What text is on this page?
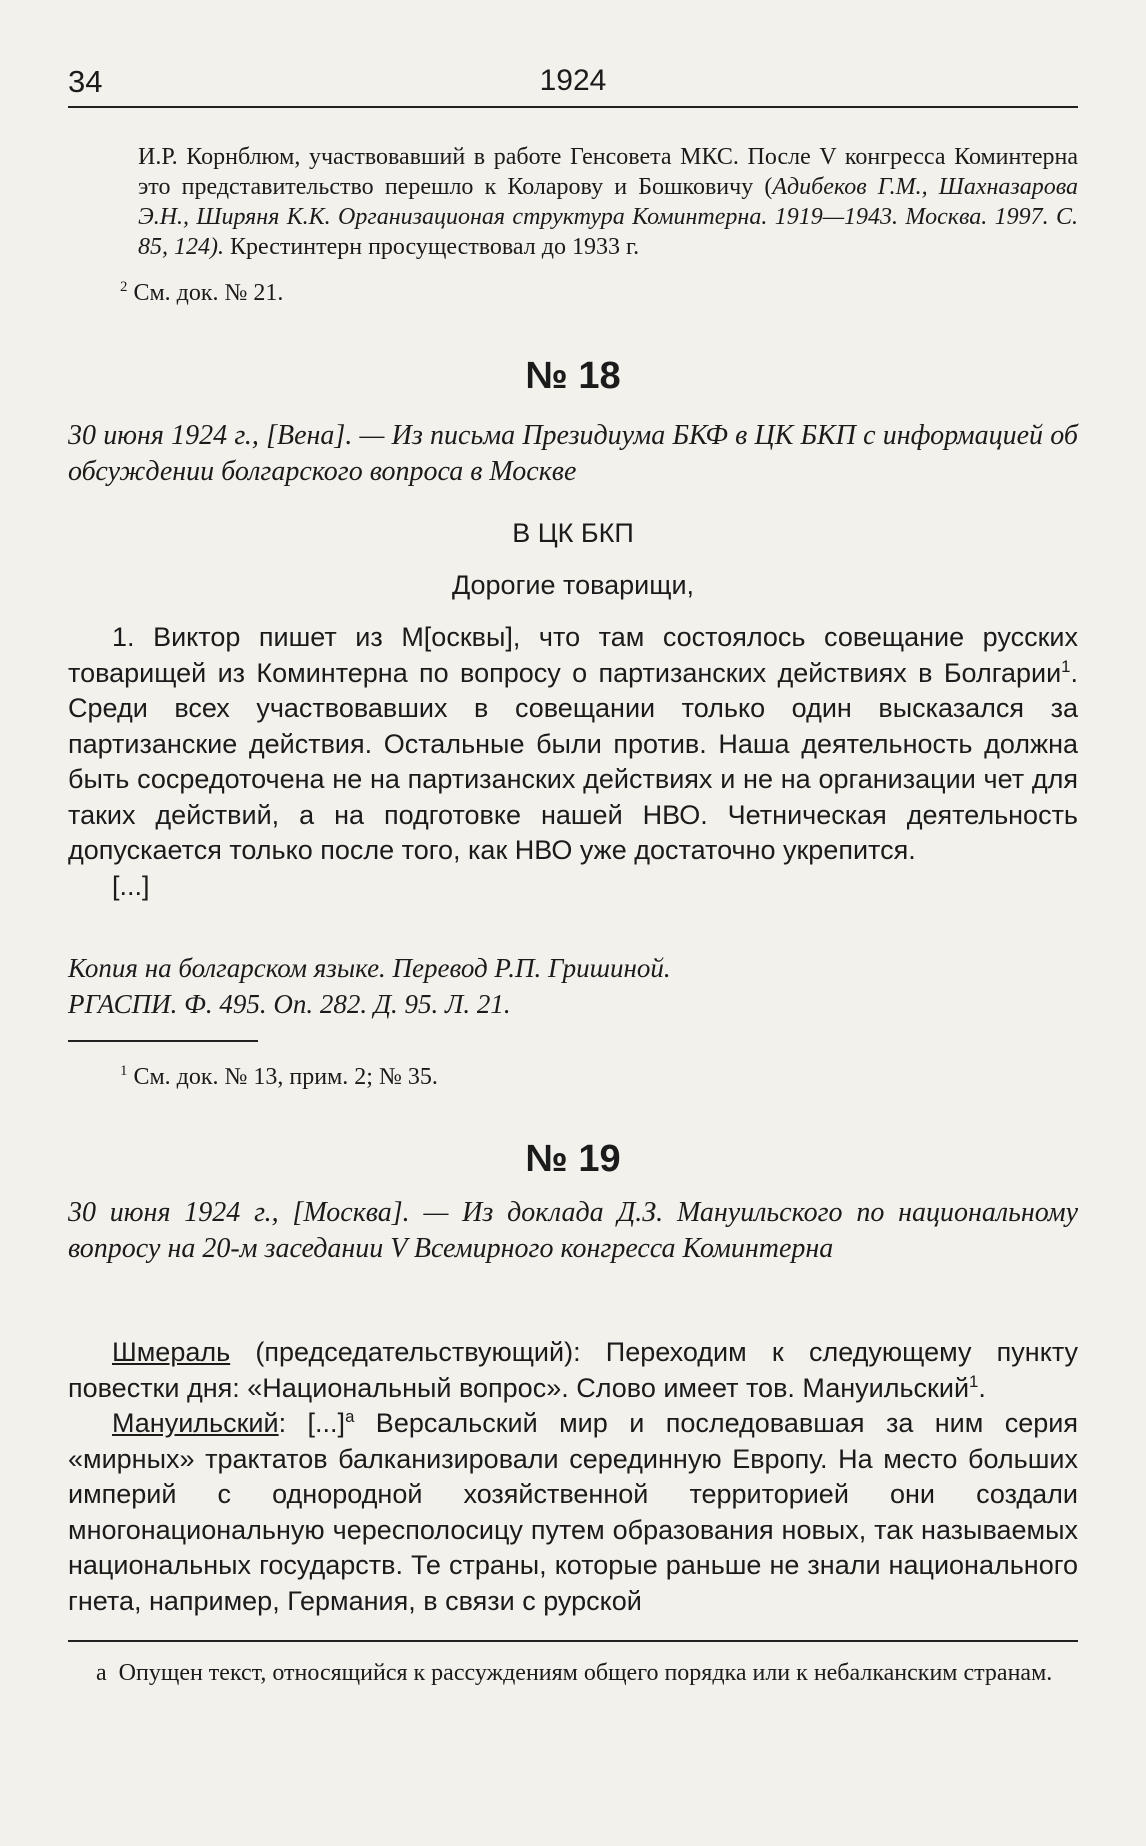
34	1924

И.Р. Корнблюм, участвовавший в работе Генсовета МКС. После V конгресса Коминтерна это представительство перешло к Коларову и Бошковичу (Адибеков Г.М., Шахназарова Э.Н., Ширяня К.К. Организационая структура Коминтерна. 1919—1943. Москва. 1997. С. 85, 124). Крестинтерн просуществовал до 1933 г.

$^2$ См. док. № 21.
№ 18
30 июня 1924 г., [Вена]. — Из письма Президиума БКФ в ЦК БКП с информацией об обсуждении болгарского вопроса в Москве
В ЦК БКП
Дорогие товарищи,

1. Виктор пишет из М[осквы], что там состоялось совещание русских товарищей из Коминтерна по вопросу о партизанских действиях в Болгарии$^1$. Среди всех участвовавших в совещании только один высказался за партизанские действия. Остальные были против. Наша деятельность должна быть сосредоточена не на партизанских действиях и не на организации чет для таких действий, а на подготовке нашей НВО. Четническая деятельность допускается только после того, как НВО уже достаточно укрепится.

[...]

Копия на болгарском языке. Перевод Р.П. Гришиной.
РГАСПИ. Ф. 495. Оп. 282. Д. 95. Л. 21.
$^1$ См. док. № 13, прим. 2; № 35.
№ 19
30 июня 1924 г., [Москва]. — Из доклада Д.З. Мануильского по национальному вопросу на 20-м заседании V Всемирного конгресса Коминтерна

Шмераль (председательствующий): Переходим к следующему пункту повестки дня: «Национальный вопрос». Слово имеет тов. Мануильский$^1$.

Мануильский: [...]$^a$ Версальский мир и последовавшая за ним серия «мирных» трактатов балканизировали серединную Европу. На место больших империй с однородной хозяйственной территорией они создали многонациональную чересполосицу путем образования новых, так называемых национальных государств. Те страны, которые раньше не знали национального гнета, например, Германия, в связи с рурской

а Опущен текст, относящийся к рассуждениям общего порядка или к небалканским странам.
